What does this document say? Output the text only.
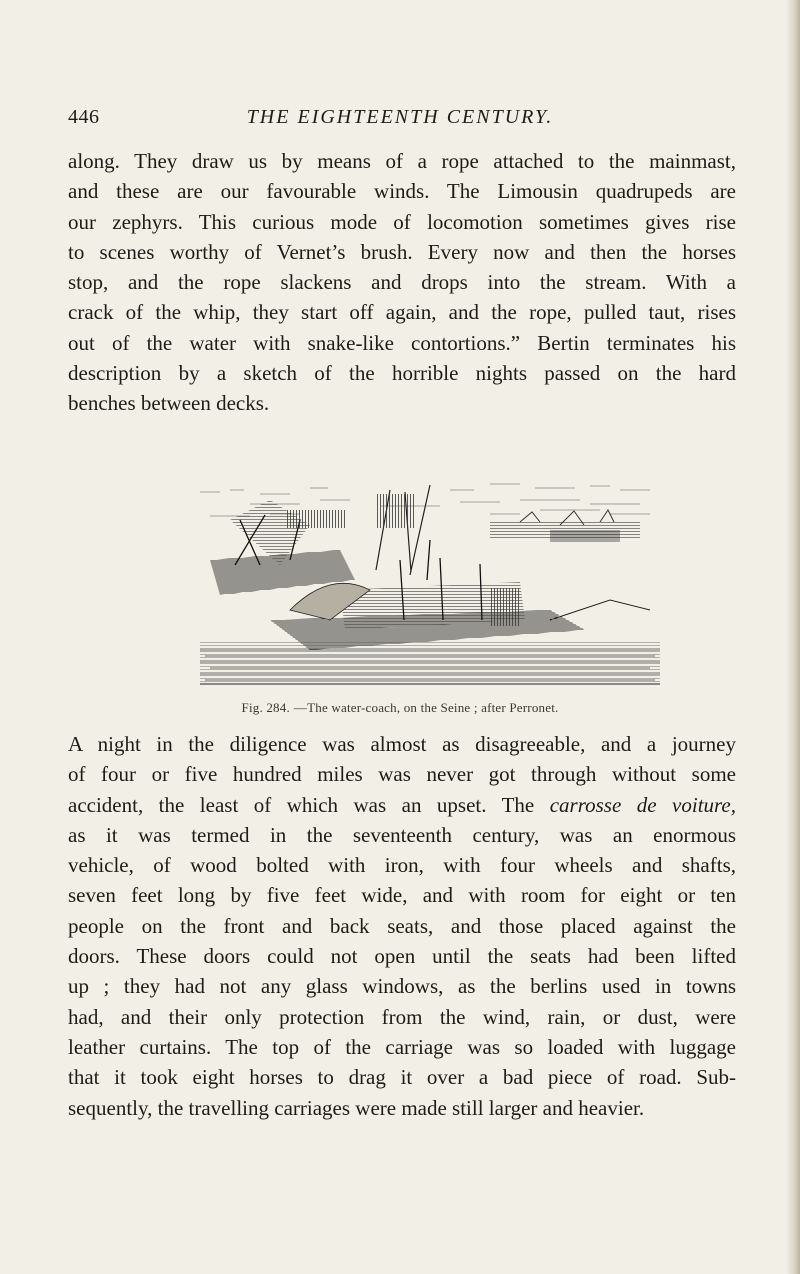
446	THE EIGHTEENTH CENTURY.
along. They draw us by means of a rope attached to the mainmast,
and these are our favourable winds. The Limousin quadrupeds are
our zephyrs. This curious mode of locomotion sometimes gives rise
to scenes worthy of Vernet’s brush. Every now and then the horses
stop, and the rope slackens and drops into the stream. With a
crack of the whip, they start off again, and the rope, pulled taut, rises
out of the water with snake-like contortions.” Bertin terminates his
description by a sketch of the horrible nights passed on the hard
benches between decks.
Fig. 284. —The water-coach, on the Seine ; after Perronet.
A night in the diligence was almost as disagreeable, and a journey
of four or five hundred miles was never got through without some
accident, the least of which was an upset. The carrosse de voiture,
as it was termed in the seventeenth century, was an enormous
vehicle, of wood bolted with iron, with four wheels and shafts,
seven feet long by five feet wide, and with room for eight or ten
people on the front and back seats, and those placed against the
doors. These doors could not open until the seats had been lifted
up ; they had not any glass windows, as the berlins used in towns
had, and their only protection from the wind, rain, or dust, were
leather curtains. The top of the carriage was so loaded with luggage
that it took eight horses to drag it over a bad piece of road. Sub-
sequently, the travelling carriages were made still larger and heavier.
